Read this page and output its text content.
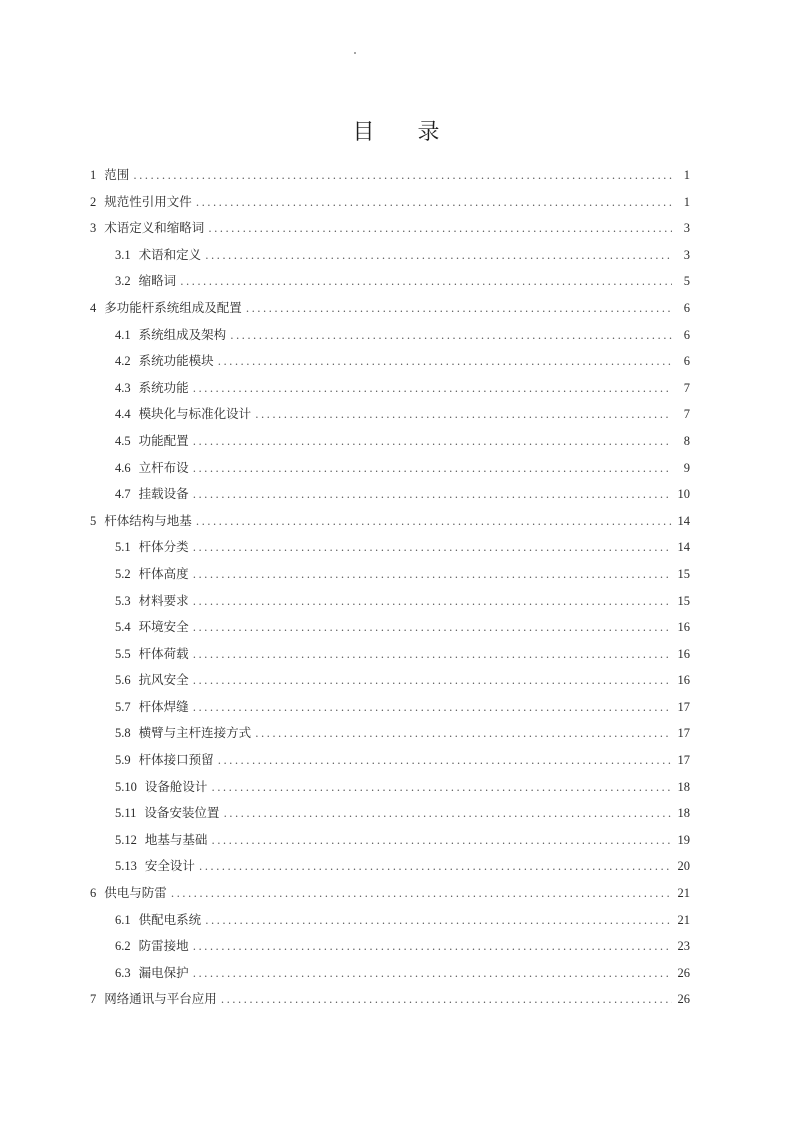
目 录
1 范围 .....	1
2 规范性引用文件 .....	1
3 术语定义和缩略词 .....	3
3.1 术语和定义 .....	3
3.2 缩略词 .....	5
4 多功能杆系统组成及配置 .....	6
4.1 系统组成及架构 .....	6
4.2 系统功能模块 .....	6
4.3 系统功能 .....	7
4.4 模块化与标准化设计 .....	7
4.5 功能配置 .....	8
4.6 立杆布设 .....	9
4.7 挂载设备 .....	10
5 杆体结构与地基 .....	14
5.1 杆体分类 .....	14
5.2 杆体高度 .....	15
5.3 材料要求 .....	15
5.4 环境安全 .....	16
5.5 杆体荷载 .....	16
5.6 抗风安全 .....	16
5.7 杆体焊缝 .....	17
5.8 横臂与主杆连接方式 .....	17
5.9 杆体接口预留 .....	17
5.10 设备舱设计 .....	18
5.11 设备安装位置 .....	18
5.12 地基与基础 .....	19
5.13 安全设计 .....	20
6 供电与防雷 .....	21
6.1 供配电系统 .....	21
6.2 防雷接地 .....	23
6.3 漏电保护 .....	26
7 网络通讯与平台应用 .....	26
